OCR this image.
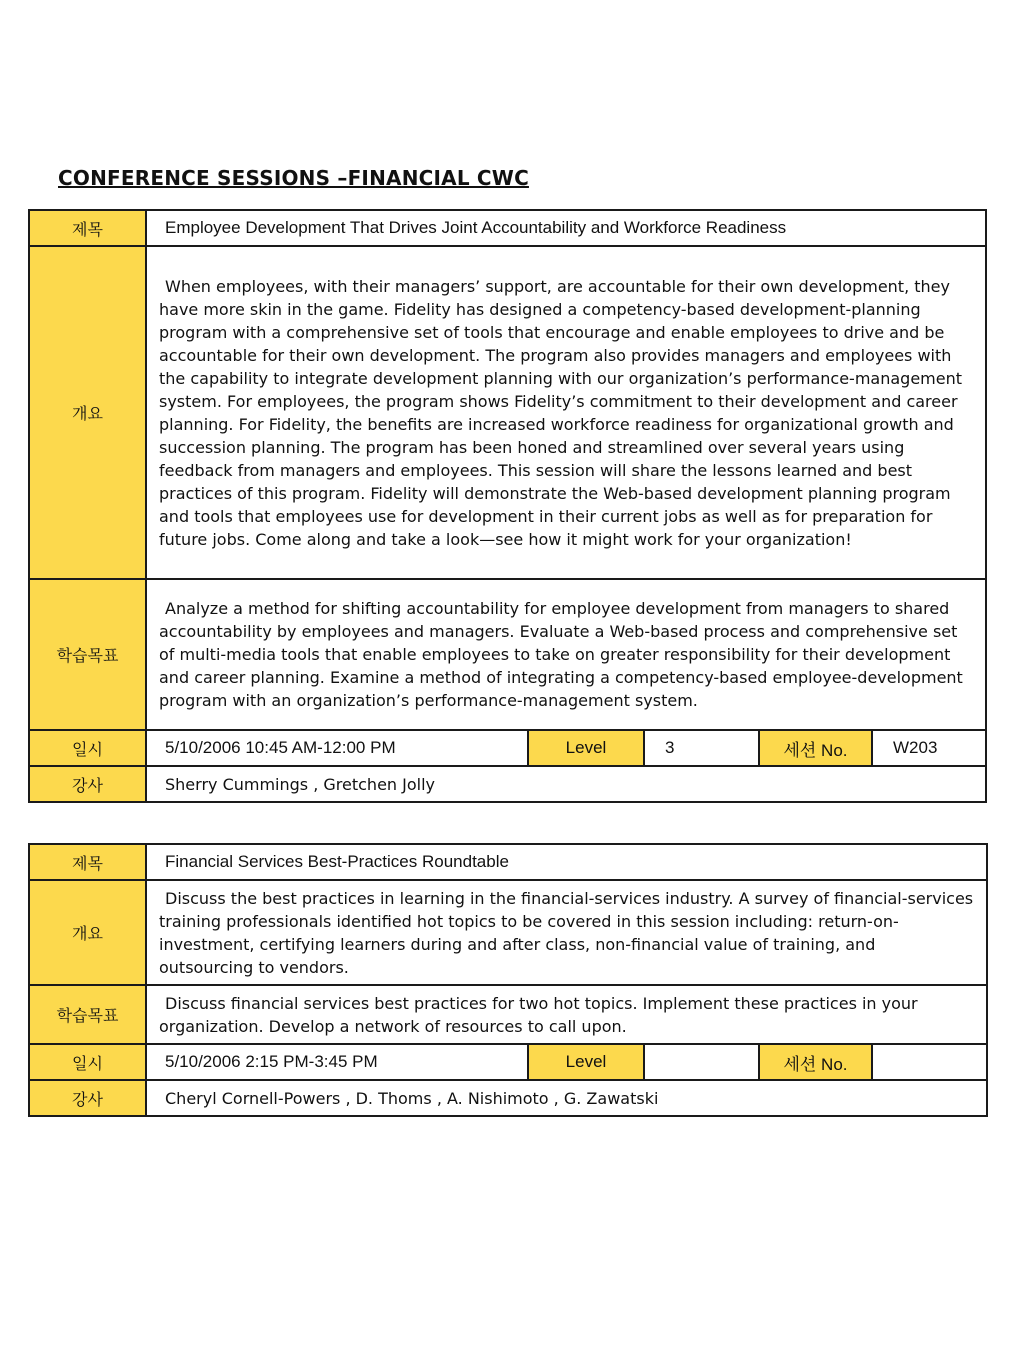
CONFERENCE SESSIONS –FINANCIAL CWC
제목	Employee Development That Drives Joint Accountability and Workforce Readiness				

개요	When employees, with their managers’ support, are accountable for their own development, they have more skin in the game. Fidelity has designed a competency-based development-planning program with a comprehensive set of tools that encourage and enable employees to drive and be accountable for their own development. The program also provides managers and employees with the capability to integrate development planning with our organization’s performance-management system. For employees, the program shows Fidelity’s commitment to their development and career planning. For Fidelity, the benefits are increased workforce readiness for organizational growth and succession planning. The program has been honed and streamlined over several years using feedback from managers and employees. This session will share the lessons learned and best practices of this program. Fidelity will demonstrate the Web-based development planning program and tools that employees use for development in their current jobs as well as for preparation for future jobs. Come along and take a look—see how it might work for your organization!				

학습목표	Analyze a method for shifting accountability for employee development from managers to shared accountability by employees and managers. Evaluate a Web-based process and comprehensive set of multi-media tools that enable employees to take on greater responsibility for their development and career planning. Examine a method of integrating a competency-based employee-development program with an organization’s performance-management system.				

일시	5/10/2006 10:45 AM-12:00 PM	Level	3	세션 No.	W203

강사	Sherry Cummings , Gretchen Jolly				
제목	Financial Services Best-Practices Roundtable				

개요	Discuss the best practices in learning in the financial-services industry. A survey of financial-services training professionals identified hot topics to be covered in this session including: return-on-investment, certifying learners during and after class, non-financial value of training, and outsourcing to vendors.				

학습목표	Discuss financial services best practices for two hot topics. Implement these practices in your organization. Develop a network of resources to call upon.				

일시	5/10/2006 2:15 PM-3:45 PM	Level		세션 No.	

강사	Cheryl Cornell-Powers , D. Thoms , A. Nishimoto , G. Zawatski				
